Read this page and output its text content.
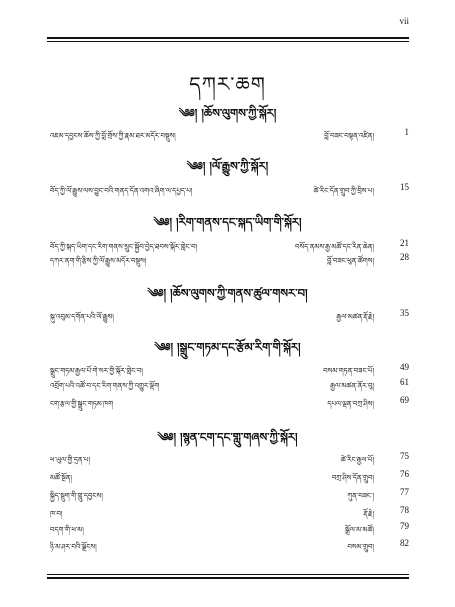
vii
དཀར་ཆག
༄༅། །ཆོས་ལུགས་ཀྱི་སྐོར།
འཇམ་དབྱངས་ཆོས་ཀྱི་བློ་གྲོས་ཀྱི་རྣམ་ཐར་མདོར་བསྡུས།	བློ་བཟང་བསྟན་འཛིན།	1
༄༅། །ལོ་རྒྱུས་ཀྱི་སྐོར།
བོད་ཀྱི་ལོ་རྒྱུས་ལས་བྱུང་བའི་གནད་དོན་འགའ་ཞིག་ལ་དཔྱད་པ།	ཚེ་རིང་དོན་གྲུབ་ཀྱི་བྲིས་པ།	15
༄༅། །རིག་གནས་དང་སྐད་ཡིག་གི་སྐོར།
བོད་ཀྱི་སྐད་ཡིག་དང་རིག་གནས་སྲུང་སྐྱོབ་བྱེད་ཐབས་སྐོར་གླེང་བ།	བསོད་ནམས་རྒྱ་མཚོ་དང་རིན་ཆེན།	21
དཀར་ནག་གི་རྩིས་ཀྱི་ལོ་རྒྱུས་མདོར་བསྡུས།	བློ་བཟང་ཕུན་ཚོགས།	28
༄༅། །ཆོས་ལུགས་ཀྱི་གནས་ཚུལ་གསར་བ།
སྐུ་འབུམ་དགོན་པའི་ལོ་རྒྱུས།	རྒྱལ་མཚན་རྡོ་རྗེ།	35
༄༅། །སྒྲུང་གཏམ་དང་རྩོམ་རིག་གི་སྐོར།
སྒྲུང་གཏམ་རྒྱལ་པོ་གེ་སར་གྱི་སྐོར་གླེང་བ།	བསམ་གཏན་བཟང་པོ།	49
འབྲོག་པའི་འཚོ་བ་དང་རིག་གནས་ཀྱི་འགྱུར་ལྡོག	རྒྱལ་མཚན་ནོར་བུ།	61
ངག་རྩལ་གྱི་སྒྲུང་གཏམ་ཁག	དཔལ་ལྡན་བཀྲ་ཤིས།	69
༄༅། །སྙན་ངག་དང་གླུ་གཞས་ཀྱི་སྐོར།
ཕ་ཡུལ་གྱི་དྲན་པ།	ཚེ་རིང་རྒྱལ་པོ།	75
མཚོ་སྔོན།	བཀྲ་ཤིས་དོན་གྲུབ།	76
སྐྱིད་སྡུག་གི་གླུ་དབྱངས།	ཀུན་བཟང་།	77
ཁ་བ།	རྡོ་རྗེ།	78
བདག་གི་ཕ་མ།	སྒྲོལ་མ་མཚོ།	79
ཉི་མ་ཤར་བའི་ལྗོངས།	བསམ་གྲུབ།	82
